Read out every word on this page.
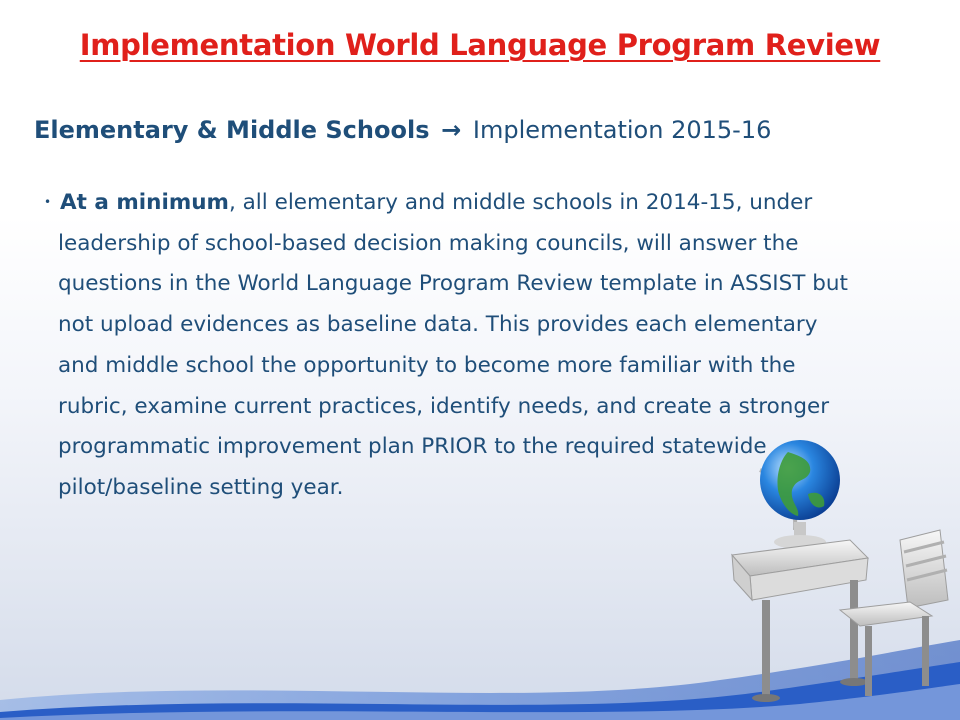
Implementation World Language Program Review
Elementary & Middle Schools → Implementation 2015-16

• At a minimum, all elementary and middle schools in 2014-15, under leadership of school-based decision making councils, will answer the questions in the World Language Program Review template in ASSIST but not upload evidences as baseline data. This provides each elementary and middle school the opportunity to become more familiar with the rubric, examine current practices, identify needs, and create a stronger programmatic improvement plan PRIOR to the required statewide pilot/baseline setting year.
